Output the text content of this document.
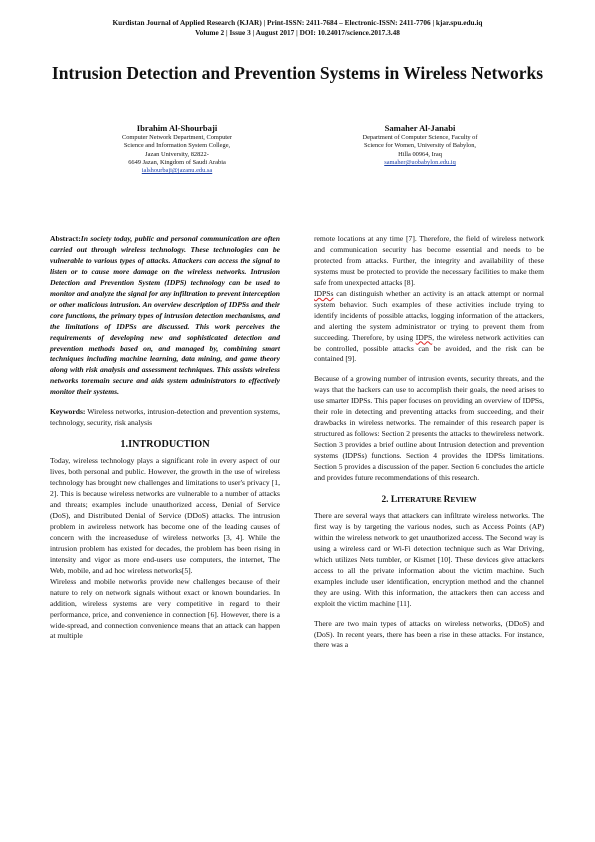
Kurdistan Journal of Applied Research (KJAR) | Print-ISSN: 2411-7684 – Electronic-ISSN: 2411-7706 | kjar.spu.edu.iq
Volume 2 | Issue 3 | August 2017 | DOI: 10.24017/science.2017.3.48
Intrusion Detection and Prevention Systems in Wireless Networks
Ibrahim Al-Shourbaji
Computer Network Department, Computer
Science and Information System College,
Jazan University, 82822-
6649 Jazan, Kingdom of Saudi Arabia
ialshourbaji@jazanu.edu.sa
Samaher Al-Janabi
Department of Computer Science, Faculty of
Science for Women, University of Babylon,
Hilla 00964, Iraq
samaher@uobabylon.edu.iq

Abstract:In society today, public and personal communication are often carried out through wireless technology. These technologies can be vulnerable to various types of attacks. Attackers can access the signal to listen or to cause more damage on the wireless networks. Intrusion Detection and Prevention System (IDPS) technology can be used to monitor and analyze the signal for any infiltration to prevent interception or other malicious intrusion. An overview description of IDPSs and their core functions, the primary types of intrusion detection mechanisms, and the limitations of IDPSs are discussed. This work perceives the requirements of developing new and sophisticated detection and prevention methods based on, and managed by, combining smart techniques including machine learning, data mining, and game theory along with risk analysis and assessment techniques. This assists wireless networks toremain secure and aids system administrators to effectively monitor their systems.

Keywords: Wireless networks, intrusion-detection and prevention systems, technology, security, risk analysis

1.INTRODUCTION

Today, wireless technology plays a significant role in every aspect of our lives, both personal and public. However, the growth in the use of wireless technology has brought new challenges and limitations to user's privacy [1, 2]. This is because wireless networks are vulnerable to a number of attacks and threats; examples include unauthorized access, Denial of Service (DoS), and Distributed Denial of Service (DDoS) attacks. The intrusion problem in awireless network has become one of the leading causes of concern with the increaseduse of wireless networks [3, 4]. While the intrusion problem has existed for decades, the problem has been rising in intensity and vigor as more end-users use computers, the internet, The Web, mobile, and ad hoc wireless networks[5].

Wireless and mobile networks provide new challenges because of their nature to rely on network signals without exact or known boundaries. In addition, wireless systems are very competitive in regard to their performance, price, and convenience in connection [6]. However, there is a wide-spread, and connection convenience means that an attack can happen at multiple

remote locations at any time [7]. Therefore, the field of wireless network and communication security has become essential and needs to be protected from attacks. Further, the integrity and availability of these systems must be protected to provide the necessary facilities to make them safe from unexpected attacks [8].

IDPSs can distinguish whether an activity is an attack attempt or normal system behavior. Such examples of these activities include trying to identify incidents of possible attacks, logging information of the attackers, and alerting the system administrator or trying to prevent them from succeeding. Therefore, by using IDPS, the wireless network activities can be controlled, possible attacks can be avoided, and the risk can be contained [9].

Because of a growing number of intrusion events, security threats, and the ways that the hackers can use to accomplish their goals, the need arises to use smarter IDPSs. This paper focuses on providing an overview of IDPSs, their role in detecting and preventing attacks from succeeding, and their drawbacks in wireless networks. The remainder of this research paper is structured as follows: Section 2 presents the attacks to thewireless network. Section 3 provides a brief outline about Intrusion detection and prevention systems (IDPSs) functions. Section 4 provides the IDPSs limitations. Section 5 provides a discussion of the paper. Section 6 concludes the article and provides future recommendations of this research.

2. LITERATURE REVIEW

There are several ways that attackers can infiltrate wireless networks. The first way is by targeting the various nodes, such as Access Points (AP) within the wireless network to get unauthorized access. The Second way is using a wireless card or Wi-Fi detection technique such as War Driving, which utilizes Nets tumbler, or Kismet [10]. These devices give attackers access to all the private information about the victim machine. Such examples include user identification, encryption method and the channel they are using. With this information, the attackers then can access and exploit the victim machine [11].

There are two main types of attacks on wireless networks, (DDoS) and (DoS). In recent years, there has been a rise in these attacks. For instance, there was a
